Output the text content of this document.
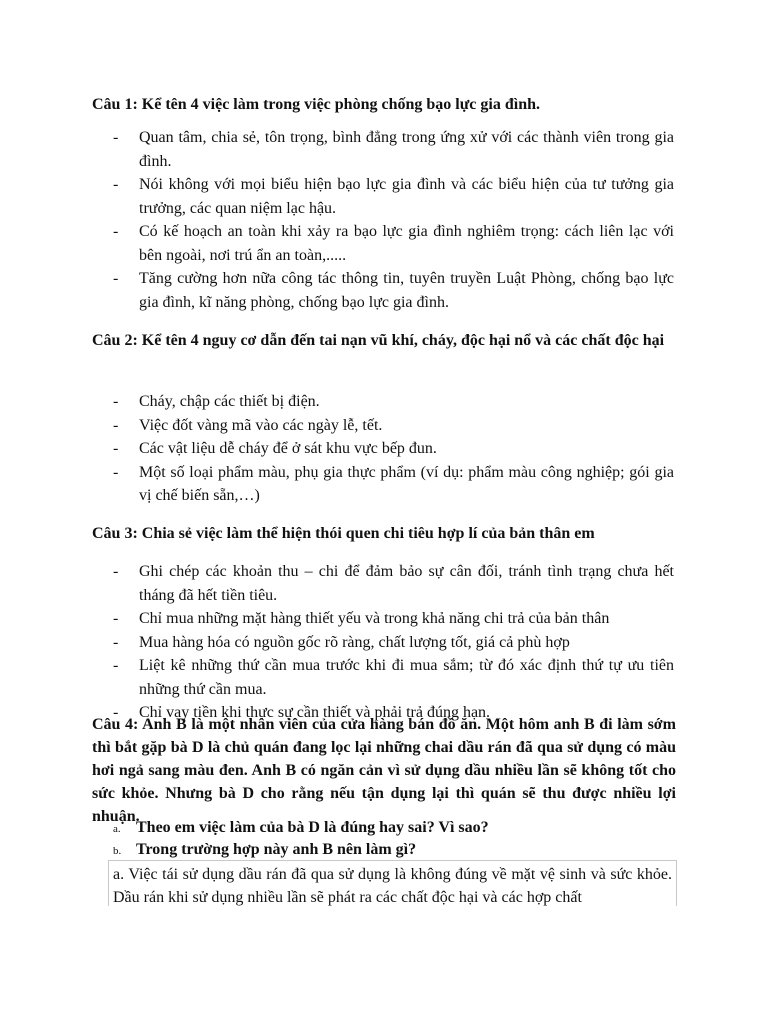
Câu 1: Kể tên 4 việc làm trong việc phòng chống bạo lực gia đình.
- Quan tâm, chia sẻ, tôn trọng, bình đẳng trong ứng xử với các thành viên trong gia đình.
- Nói không với mọi biểu hiện bạo lực gia đình và các biểu hiện của tư tưởng gia trưởng, các quan niệm lạc hậu.
- Có kế hoạch an toàn khi xảy ra bạo lực gia đình nghiêm trọng: cách liên lạc với bên ngoài, nơi trú ẩn an toàn,.....
- Tăng cường hơn nữa công tác thông tin, tuyên truyền Luật Phòng, chống bạo lực gia đình, kĩ năng phòng, chống bạo lực gia đình.
Câu 2: Kể tên 4 nguy cơ dẫn đến tai nạn vũ khí, cháy, độc hại nổ và các chất độc hại
- Cháy, chập các thiết bị điện.
- Việc đốt vàng mã vào các ngày lễ, tết.
- Các vật liệu dễ cháy để ở sát khu vực bếp đun.
- Một số loại phẩm màu, phụ gia thực phẩm (ví dụ: phẩm màu công nghiệp; gói gia vị chế biến sẵn,…)
Câu 3: Chia sẻ việc làm thể hiện thói quen chi tiêu hợp lí của bản thân em
- Ghi chép các khoản thu – chi để đảm bảo sự cân đối, tránh tình trạng chưa hết tháng đã hết tiền tiêu.
- Chỉ mua những mặt hàng thiết yếu và trong khả năng chi trả của bản thân
- Mua hàng hóa có nguồn gốc rõ ràng, chất lượng tốt, giá cả phù hợp
- Liệt kê những thứ cần mua trước khi đi mua sắm; từ đó xác định thứ tự ưu tiên những thứ cần mua.
- Chỉ vay tiền khi thực sự cần thiết và phải trả đúng hạn.
Câu 4: Anh B là một nhân viên của cửa hàng bán đồ ăn. Một hôm anh B đi làm sớm thì bắt gặp bà D là chủ quán đang lọc lại những chai dầu rán đã qua sử dụng có màu hơi ngả sang màu đen. Anh B có ngăn cản vì sử dụng dầu nhiều lần sẽ không tốt cho sức khỏe. Nhưng bà D cho rằng nếu tận dụng lại thì quán sẽ thu được nhiều lợi nhuận.
a. Theo em việc làm của bà D là đúng hay sai? Vì sao?
b. Trong trường hợp này anh B nên làm gì?
a. Việc tái sử dụng dầu rán đã qua sử dụng là không đúng về mặt vệ sinh và sức khỏe. Dầu rán khi sử dụng nhiều lần sẽ phát ra các chất độc hại và các hợp chất
